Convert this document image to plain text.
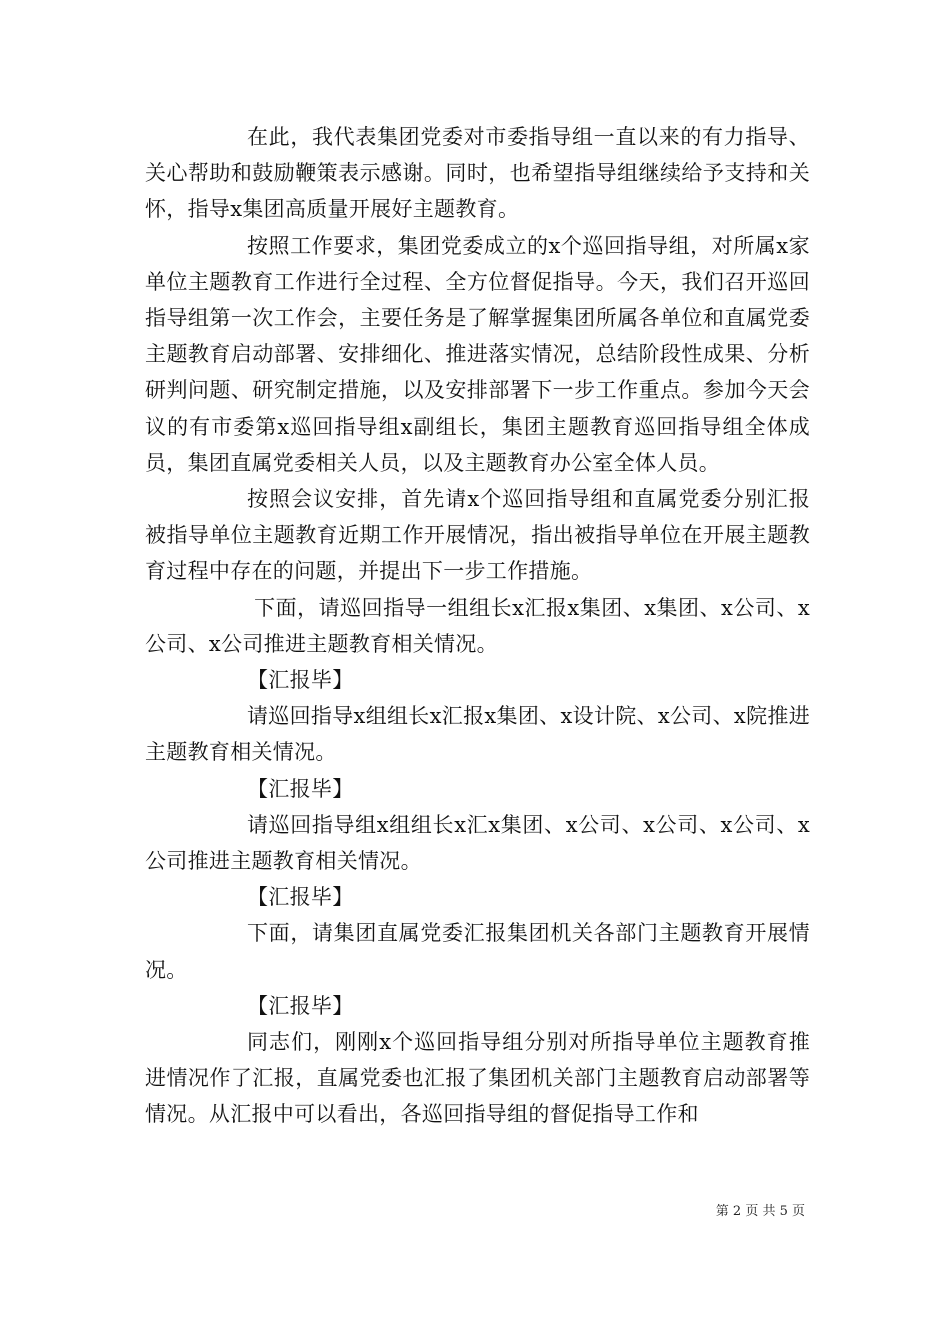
在此，我代表集团党委对市委指导组一直以来的有力指导、关心帮助和鼓励鞭策表示感谢。同时，也希望指导组继续给予支持和关怀，指导x集团高质量开展好主题教育。

按照工作要求，集团党委成立的x个巡回指导组，对所属x家单位主题教育工作进行全过程、全方位督促指导。今天，我们召开巡回指导组第一次工作会，主要任务是了解掌握集团所属各单位和直属党委主题教育启动部署、安排细化、推进落实情况，总结阶段性成果、分析研判问题、研究制定措施，以及安排部署下一步工作重点。参加今天会议的有市委第x巡回指导组x副组长，集团主题教育巡回指导组全体成员，集团直属党委相关人员，以及主题教育办公室全体人员。

按照会议安排，首先请x个巡回指导组和直属党委分别汇报被指导单位主题教育近期工作开展情况，指出被指导单位在开展主题教育过程中存在的问题，并提出下一步工作措施。

下面，请巡回指导一组组长x汇报x集团、x集团、x公司、x公司、x公司推进主题教育相关情况。

【汇报毕】

请巡回指导x组组长x汇报x集团、x设计院、x公司、x院推进主题教育相关情况。

【汇报毕】

请巡回指导组x组组长x汇x集团、x公司、x公司、x公司、x公司推进主题教育相关情况。

【汇报毕】

下面，请集团直属党委汇报集团机关各部门主题教育开展情况。

【汇报毕】

同志们，刚刚x个巡回指导组分别对所指导单位主题教育推进情况作了汇报，直属党委也汇报了集团机关部门主题教育启动部署等情况。从汇报中可以看出，各巡回指导组的督促指导工作和

第 2 页 共 5 页
